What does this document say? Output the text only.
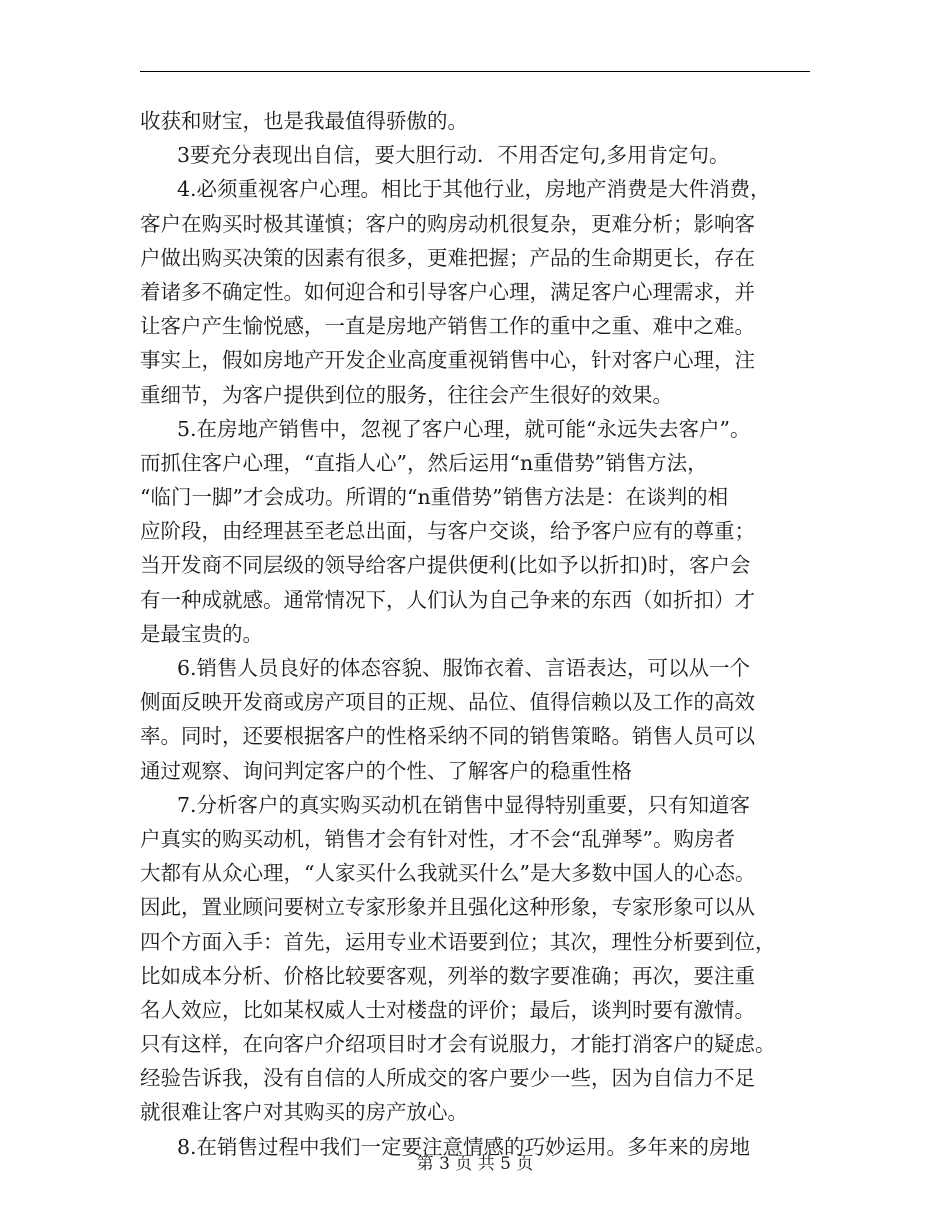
收获和财宝，也是我最值得骄傲的。
3要充分表现出自信，要大胆行动．不用否定句,多用肯定句。
4.必须重视客户心理。相比于其他行业，房地产消费是大件消费，
客户在购买时极其谨慎；客户的购房动机很复杂，更难分析；影响客
户做出购买决策的因素有很多，更难把握；产品的生命期更长，存在
着诸多不确定性。如何迎合和引导客户心理，满足客户心理需求，并
让客户产生愉悦感，一直是房地产销售工作的重中之重、难中之难。
事实上，假如房地产开发企业高度重视销售中心，针对客户心理，注
重细节，为客户提供到位的服务，往往会产生很好的效果。
5.在房地产销售中，忽视了客户心理，就可能“永远失去客户”。
而抓住客户心理，“直指人心”，然后运用“n重借势”销售方法，
“临门一脚”才会成功。所谓的“n重借势”销售方法是：在谈判的相
应阶段，由经理甚至老总出面，与客户交谈，给予客户应有的尊重；
当开发商不同层级的领导给客户提供便利(比如予以折扣)时，客户会
有一种成就感。通常情况下，人们认为自己争来的东西（如折扣）才
是最宝贵的。
6.销售人员良好的体态容貌、服饰衣着、言语表达，可以从一个
侧面反映开发商或房产项目的正规、品位、值得信赖以及工作的高效
率。同时，还要根据客户的性格采纳不同的销售策略。销售人员可以
通过观察、询问判定客户的个性、了解客户的稳重性格
7.分析客户的真实购买动机在销售中显得特别重要，只有知道客
户真实的购买动机，销售才会有针对性，才不会“乱弹琴”。购房者
大都有从众心理，“人家买什么我就买什么”是大多数中国人的心态。
因此，置业顾问要树立专家形象并且强化这种形象，专家形象可以从
四个方面入手：首先，运用专业术语要到位；其次，理性分析要到位，
比如成本分析、价格比较要客观，列举的数字要准确；再次，要注重
名人效应，比如某权威人士对楼盘的评价；最后，谈判时要有激情。
只有这样，在向客户介绍项目时才会有说服力，才能打消客户的疑虑。
经验告诉我，没有自信的人所成交的客户要少一些，因为自信力不足
就很难让客户对其购买的房产放心。
8.在销售过程中我们一定要注意情感的巧妙运用。多年来的房地
第 3 页 共 5 页
